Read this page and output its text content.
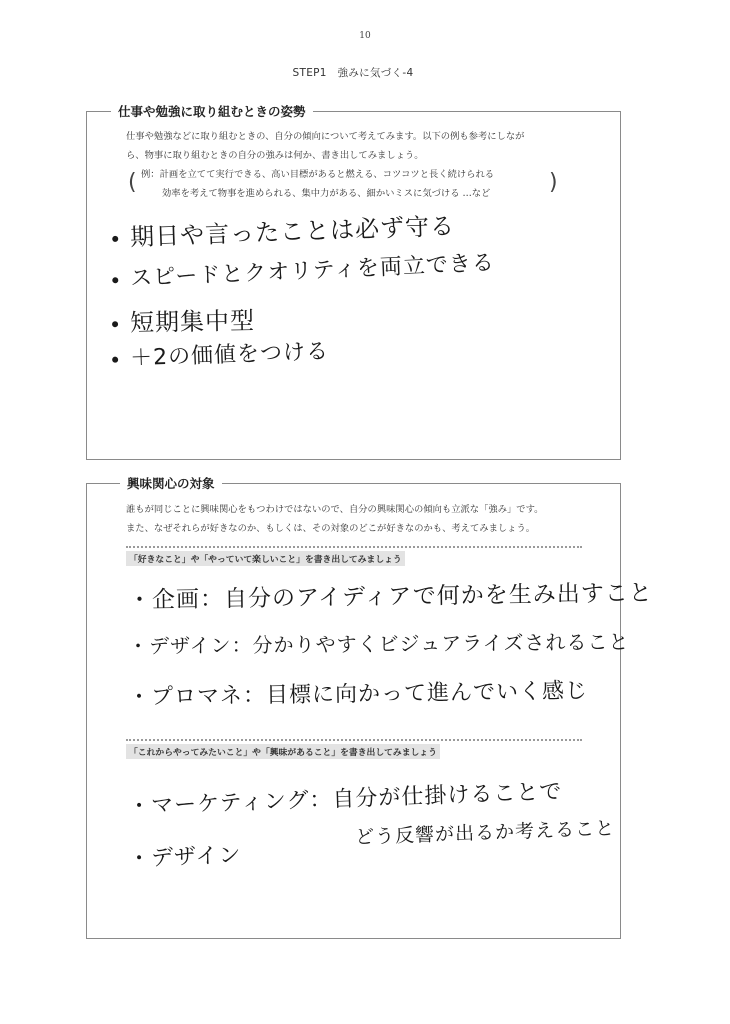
10
STEP1　強みに気づく-4
仕事や勉強に取り組むときの姿勢
仕事や勉強などに取り組むときの、自分の傾向について考えてみます。以下の例も参考にしなが
ら、物事に取り組むときの自分の強みは何か、書き出してみましょう。
( 例：計画を立てて実行できる、高い目標があると燃える、コツコツと長く続けられる
効率を考えて物事を進められる、集中力がある、細かいミスに気づける …など	)
期日や言ったことは必ず守る
スピードとクオリティを両立できる
短期集中型
＋2の価値をつける
興味関心の対象
誰もが同じことに興味関心をもつわけではないので、自分の興味関心の傾向も立派な「強み」です。
また、なぜそれらが好きなのか、もしくは、その対象のどこが好きなのかも、考えてみましょう。
「好きなこと」や「やっていて楽しいこと」を書き出してみましょう
・企画：自分のアイディアで何かを生み出すこと
・デザイン：分かりやすくビジュアライズされること
・プロマネ：目標に向かって進んでいく感じ
「これからやってみたいこと」や「興味があること」を書き出してみましょう
・マーケティング：自分が仕掛けることで
どう反響が出るか考えること
・デザイン
